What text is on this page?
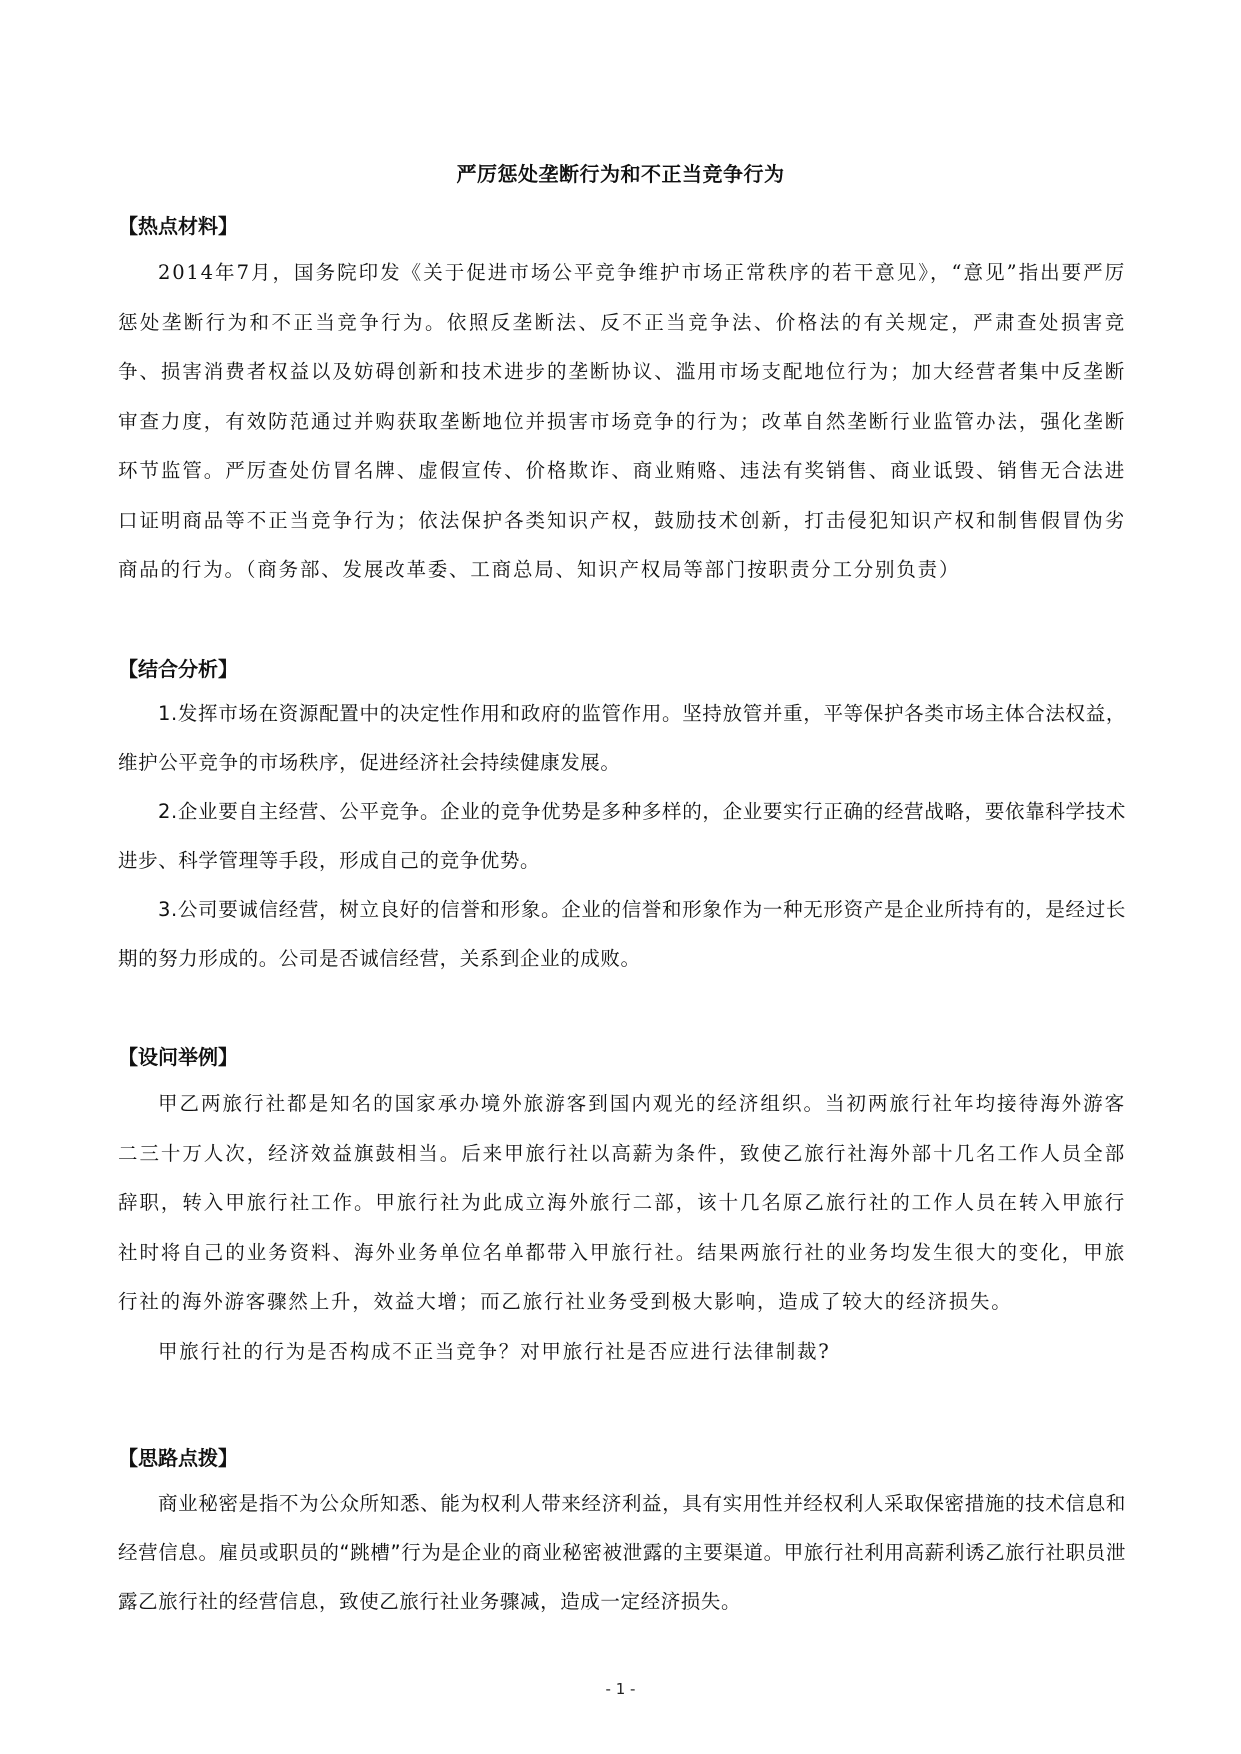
严厉惩处垄断行为和不正当竞争行为
【热点材料】

2014年7月，国务院印发《关于促进市场公平竞争维护市场正常秩序的若干意见》，“意见”指出要严厉惩处垄断行为和不正当竞争行为。依照反垄断法、反不正当竞争法、价格法的有关规定，严肃查处损害竞争、损害消费者权益以及妨碍创新和技术进步的垄断协议、滥用市场支配地位行为；加大经营者集中反垄断审查力度，有效防范通过并购获取垄断地位并损害市场竞争的行为；改革自然垄断行业监管办法，强化垄断环节监管。严厉查处仿冒名牌、虚假宣传、价格欺诈、商业贿赂、违法有奖销售、商业诋毁、销售无合法进口证明商品等不正当竞争行为；依法保护各类知识产权，鼓励技术创新，打击侵犯知识产权和制售假冒伪劣商品的行为。（商务部、发展改革委、工商总局、知识产权局等部门按职责分工分别负责）

【结合分析】

1.发挥市场在资源配置中的决定性作用和政府的监管作用。坚持放管并重，平等保护各类市场主体合法权益，维护公平竞争的市场秩序，促进经济社会持续健康发展。

2.企业要自主经营、公平竞争。企业的竞争优势是多种多样的，企业要实行正确的经营战略，要依靠科学技术进步、科学管理等手段，形成自己的竞争优势。

3.公司要诚信经营，树立良好的信誉和形象。企业的信誉和形象作为一种无形资产是企业所持有的，是经过长期的努力形成的。公司是否诚信经营，关系到企业的成败。

【设问举例】

甲乙两旅行社都是知名的国家承办境外旅游客到国内观光的经济组织。当初两旅行社年均接待海外游客二三十万人次，经济效益旗鼓相当。后来甲旅行社以高薪为条件，致使乙旅行社海外部十几名工作人员全部辞职，转入甲旅行社工作。甲旅行社为此成立海外旅行二部，该十几名原乙旅行社的工作人员在转入甲旅行社时将自己的业务资料、海外业务单位名单都带入甲旅行社。结果两旅行社的业务均发生很大的变化，甲旅行社的海外游客骤然上升，效益大增；而乙旅行社业务受到极大影响，造成了较大的经济损失。

甲旅行社的行为是否构成不正当竞争？对甲旅行社是否应进行法律制裁?

【思路点拨】

商业秘密是指不为公众所知悉、能为权利人带来经济利益，具有实用性并经权利人采取保密措施的技术信息和经营信息。雇员或职员的“跳槽”行为是企业的商业秘密被泄露的主要渠道。甲旅行社利用高薪利诱乙旅行社职员泄露乙旅行社的经营信息，致使乙旅行社业务骤减，造成一定经济损失。

- 1 -
